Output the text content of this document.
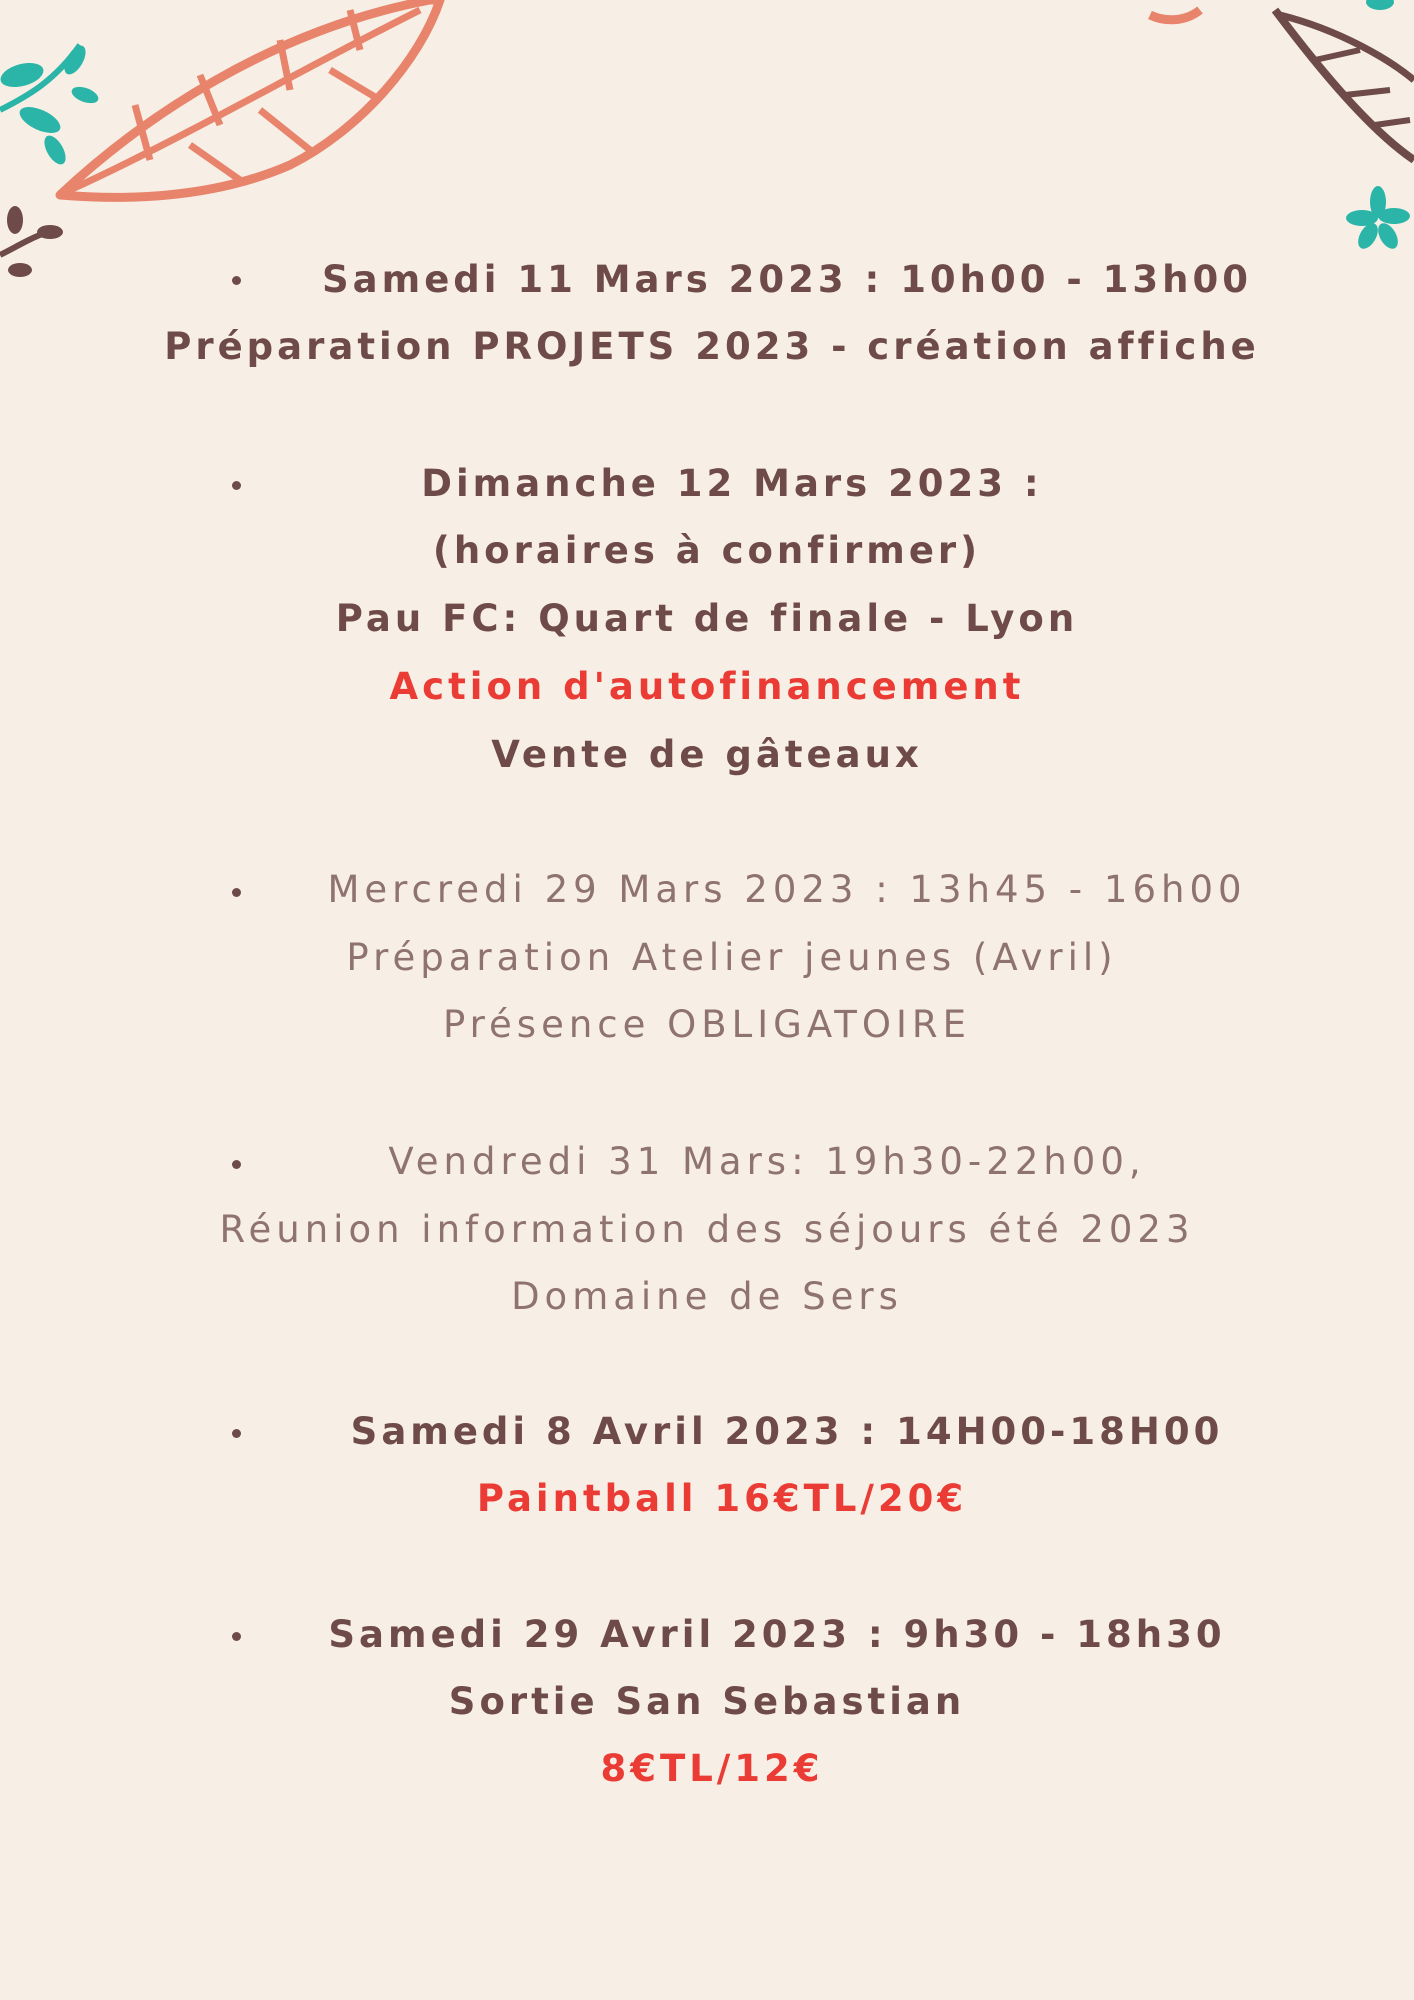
Samedi 11 Mars 2023 : 10h00 - 13h00
Préparation PROJETS 2023 - création affiche
Dimanche 12 Mars 2023 :
(horaires à confirmer)
Pau FC: Quart de finale - Lyon
Action d'autofinancement
Vente de gâteaux
Mercredi 29 Mars 2023 : 13h45 - 16h00
Préparation Atelier jeunes (Avril)
Présence OBLIGATOIRE
Vendredi 31 Mars: 19h30-22h00,
Réunion information des séjours été 2023
Domaine de Sers
Samedi 8 Avril 2023 : 14H00-18H00
Paintball 16€TL/20€
Samedi 29 Avril 2023 : 9h30 - 18h30
Sortie San Sebastian
8€TL/12€
